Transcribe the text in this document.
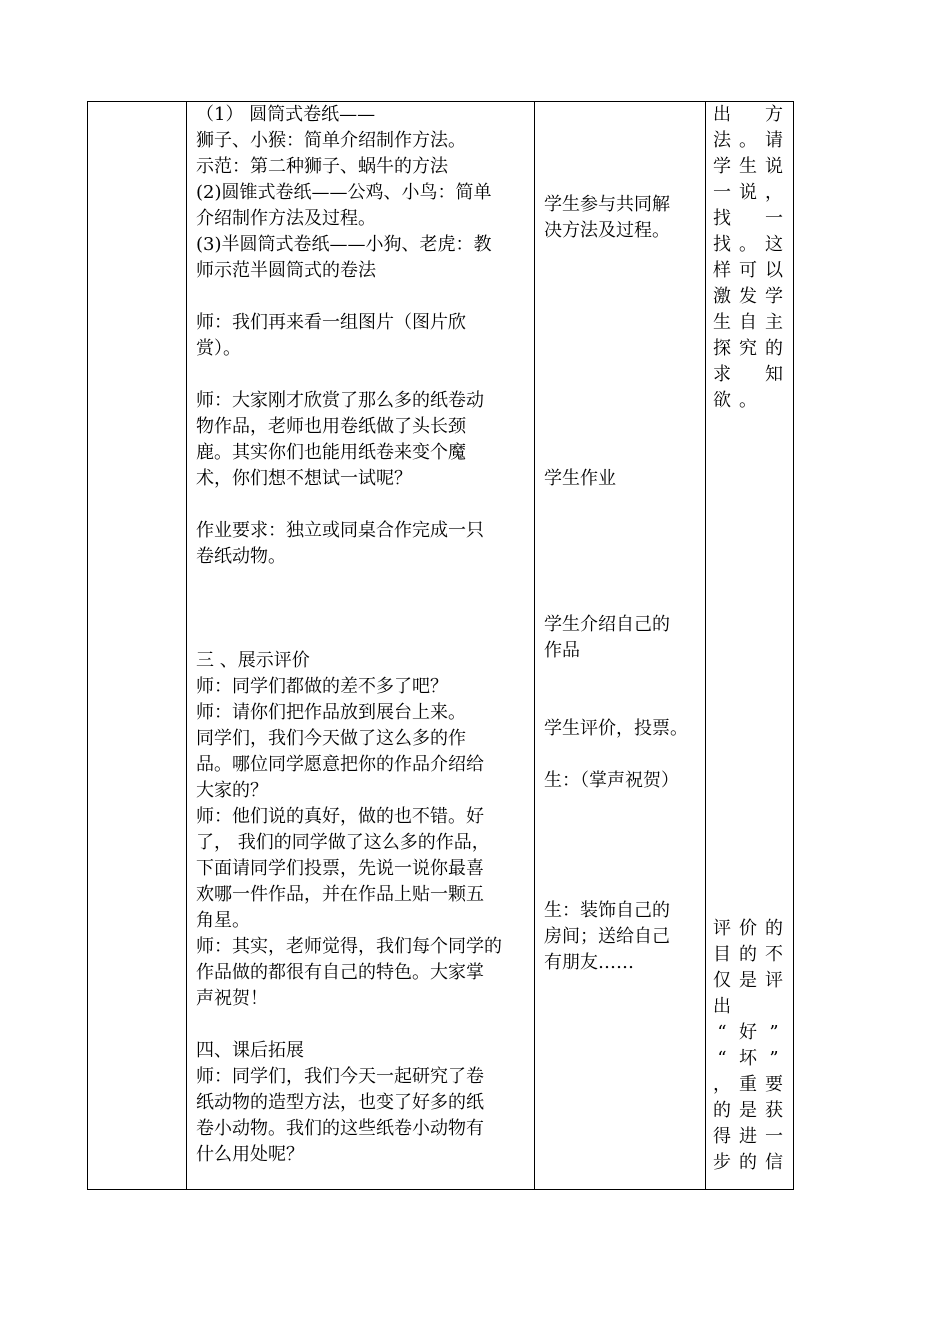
（1） 圆筒式卷纸——
狮子、小猴：简单介绍制作方法。
示范：第二种狮子、蜗牛的方法
(2)圆锥式卷纸——公鸡、小鸟：简单
介绍制作方法及过程。
(3)半圆筒式卷纸——小狗、老虎：教
师示范半圆筒式的卷法
师：我们再来看一组图片（图片欣
赏）。
师：大家刚才欣赏了那么多的纸卷动
物作品，老师也用卷纸做了头长颈
鹿。其实你们也能用纸卷来变个魔
术，你们想不想试一试呢？
作业要求：独立或同桌合作完成一只
卷纸动物。
三 、展示评价
师：同学们都做的差不多了吧？
师：请你们把作品放到展台上来。
同学们，我们今天做了这么多的作
品。哪位同学愿意把你的作品介绍给
大家的？
师：他们说的真好，做的也不错。好
了， 我们的同学做了这么多的作品，
下面请同学们投票，先说一说你最喜
欢哪一件作品，并在作品上贴一颗五
角星。
师：其实，老师觉得，我们每个同学的
作品做的都很有自己的特色。大家掌
声祝贺！
四、课后拓展
师：同学们，我们今天一起研究了卷
纸动物的造型方法，也变了好多的纸
卷小动物。我们的这些纸卷小动物有
什么用处呢？
学生参与共同解
决方法及过程。
学生作业
学生介绍自己的
作品
学生评价，投票。
生：（掌声祝贺）
生：装饰自己的
房间；送给自己
有朋友……
出 方
法 。 请
学 生 说
一 说 ，
找 一
找 。 这
样 可 以
激 发 学
生 自 主
探 究 的
求 知
欲 。
评 价 的
目 的 不
仅 是 评
出
“ 好 ”
“ 坏 ”
， 重 要
的 是 获
得 进 一
步 的 信
